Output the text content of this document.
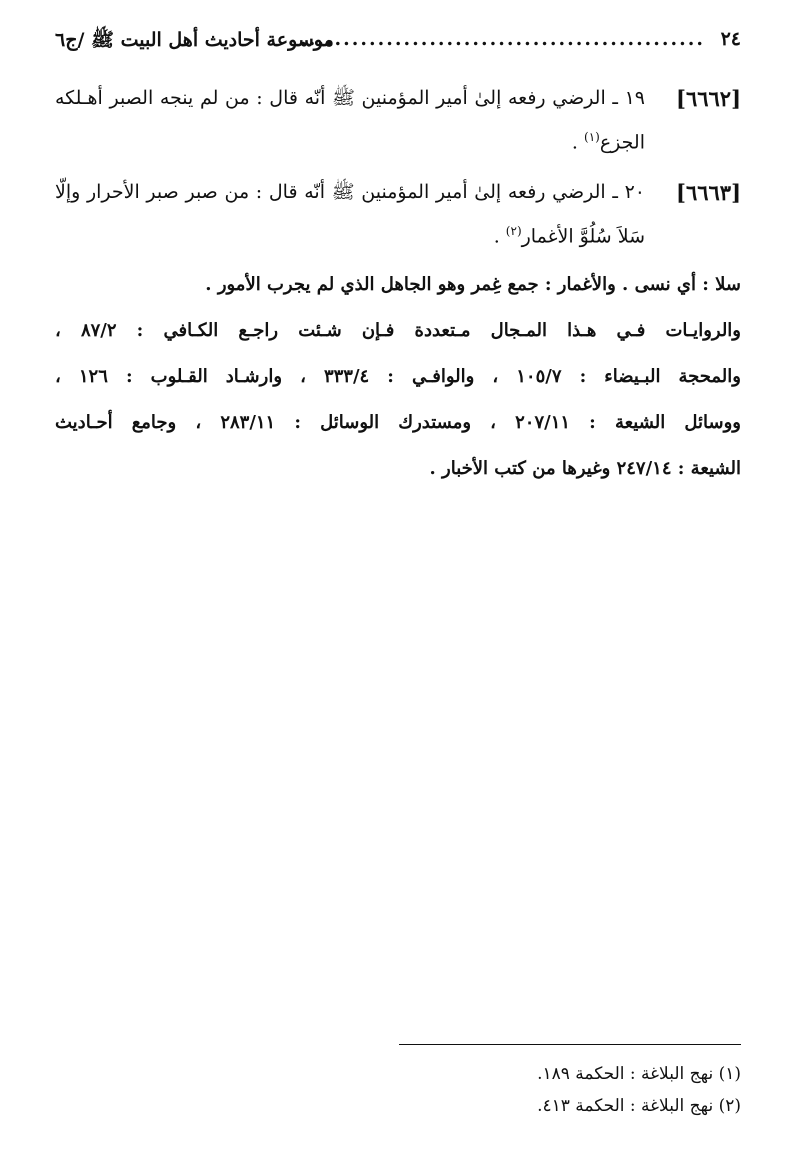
٢٤
...............................................
موسوعة أحاديث أهل البيت ﷺ /ج٦
[٦٦٦٢]
١٩ ـ الرضي رفعه إلىٰ أمير المؤمنين ﷺ أنّه قال : من لم ينجه الصبر أهـلكه
الجزع$^{(١)}$ .
[٦٦٦٣]
٢٠ ـ الرضي رفعه إلىٰ أمير المؤمنين ﷺ أنّه قال : من صبر صبر الأحرار وإلّا
سَلاَ سُلُوَّ الأغمار$^{(٢)}$ .
سلا : أي نسى . والأغمار : جمع غِمر وهو الجاهل الذي لم يجرب الأمور .
والروايـات فـي هـذا المـجال مـتعددة فـإن شـئت راجـع الكـافي : ٨٧/٢ ،
والمحجة البـيضاء : ١٠٥/٧ ، والوافـي : ٣٣٣/٤ ، وارشـاد القـلوب : ١٢٦ ،
ووسائل الشيعة : ٢٠٧/١١ ، ومستدرك الوسائل : ٢٨٣/١١ ، وجامع أحـاديث
الشيعة : ٢٤٧/١٤ وغيرها من كتب الأخبار .
(١) نهج البلاغة : الحكمة ١٨٩.
(٢) نهج البلاغة : الحكمة ٤١٣.
